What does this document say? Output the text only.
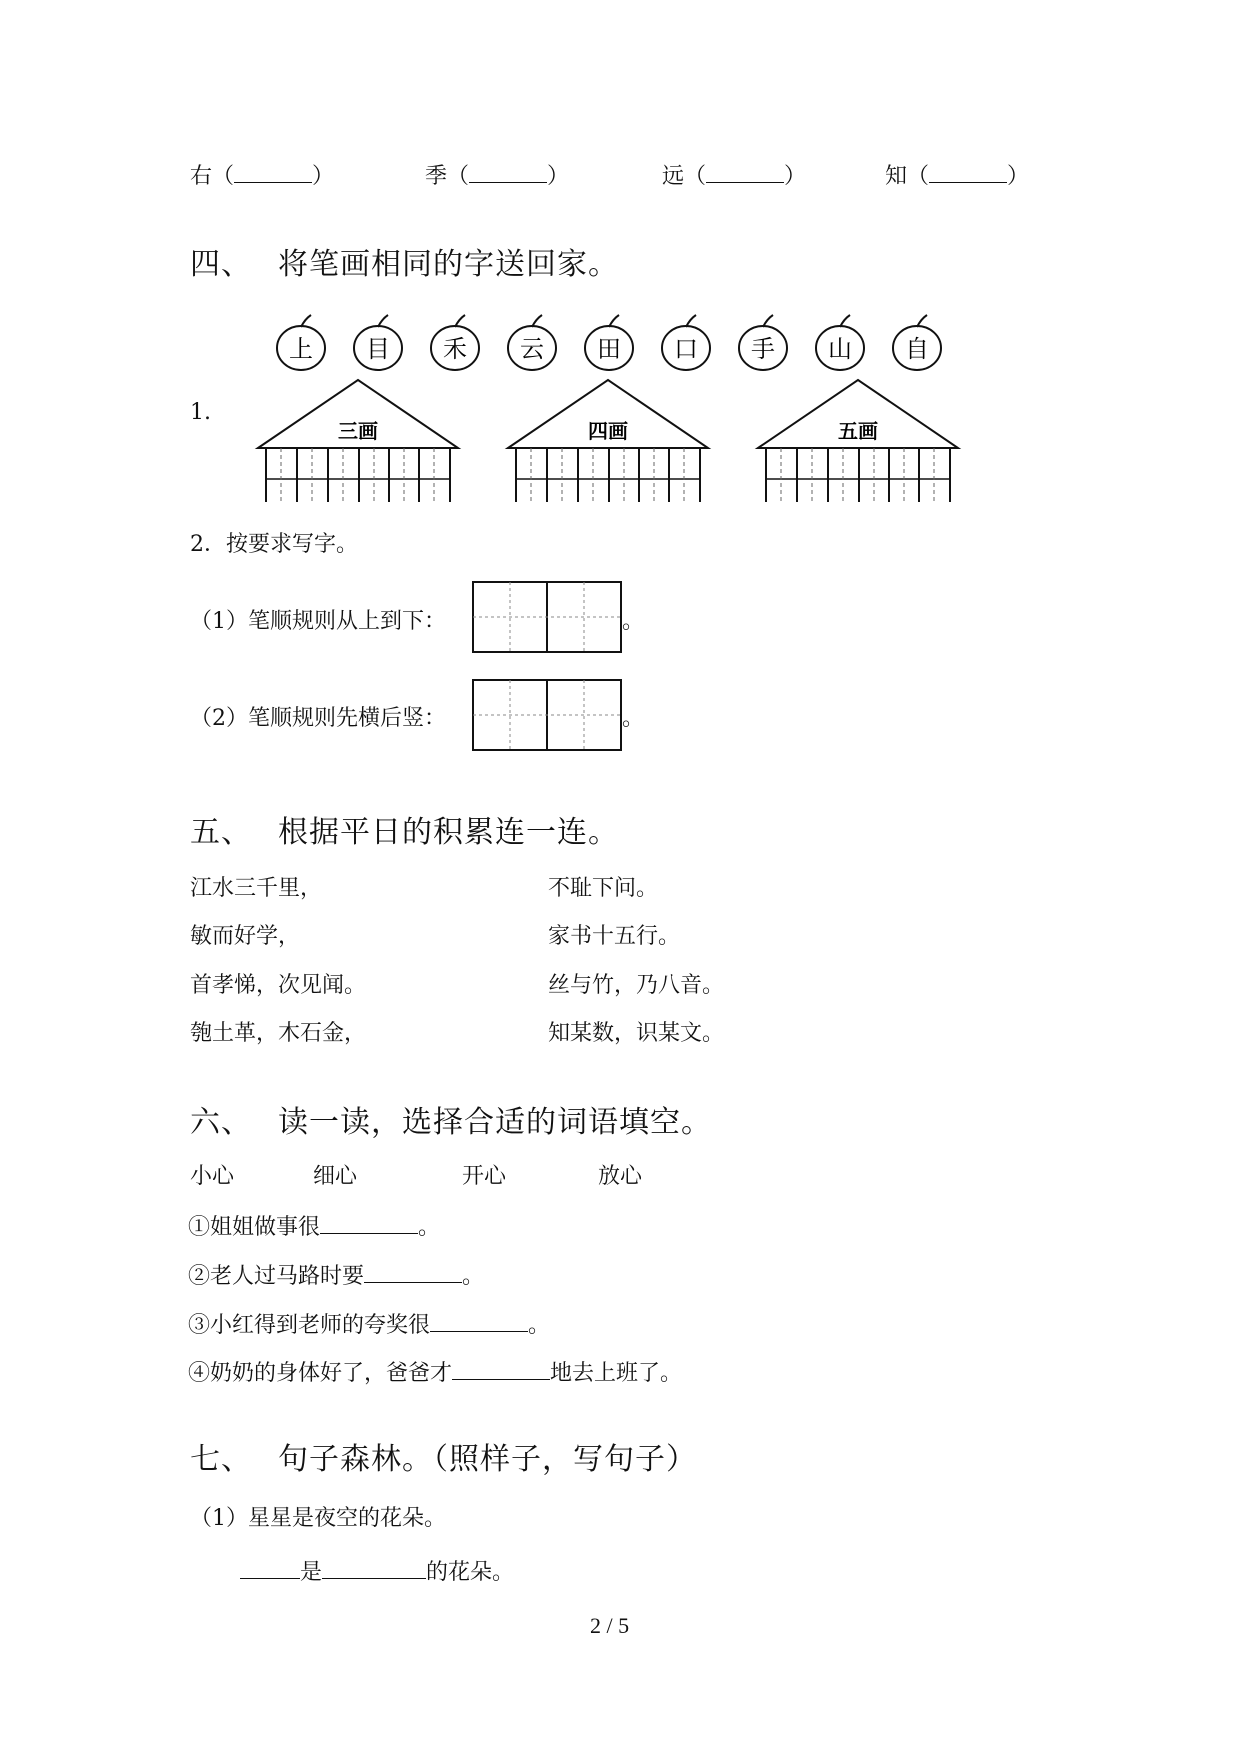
右（	）	季（	）	远（	）	知（	）
四、 将笔画相同的字送回家。
1.
上 目 禾 云 田 口 手 山 自
三画	四画	五画
2．按要求写字。
（1）笔顺规则从上到下：	。
（2）笔顺规则先横后竖：	。
五、 根据平日的积累连一连。
江水三千里，
敏而好学，
首孝悌，次见闻。
匏土革，木石金，
不耻下问。
家书十五行。
丝与竹，乃八音。
知某数，识某文。
六、 读一读，选择合适的词语填空。
小心	细心	开心	放心
①姐姐做事很	。
②老人过马路时要	。
③小红得到老师的夸奖很	。
④奶奶的身体好了，爸爸才	地去上班了。
七、 句子森林。（照样子，写句子）
（1）星星是夜空的花朵。
是	的花朵。
2 / 5
